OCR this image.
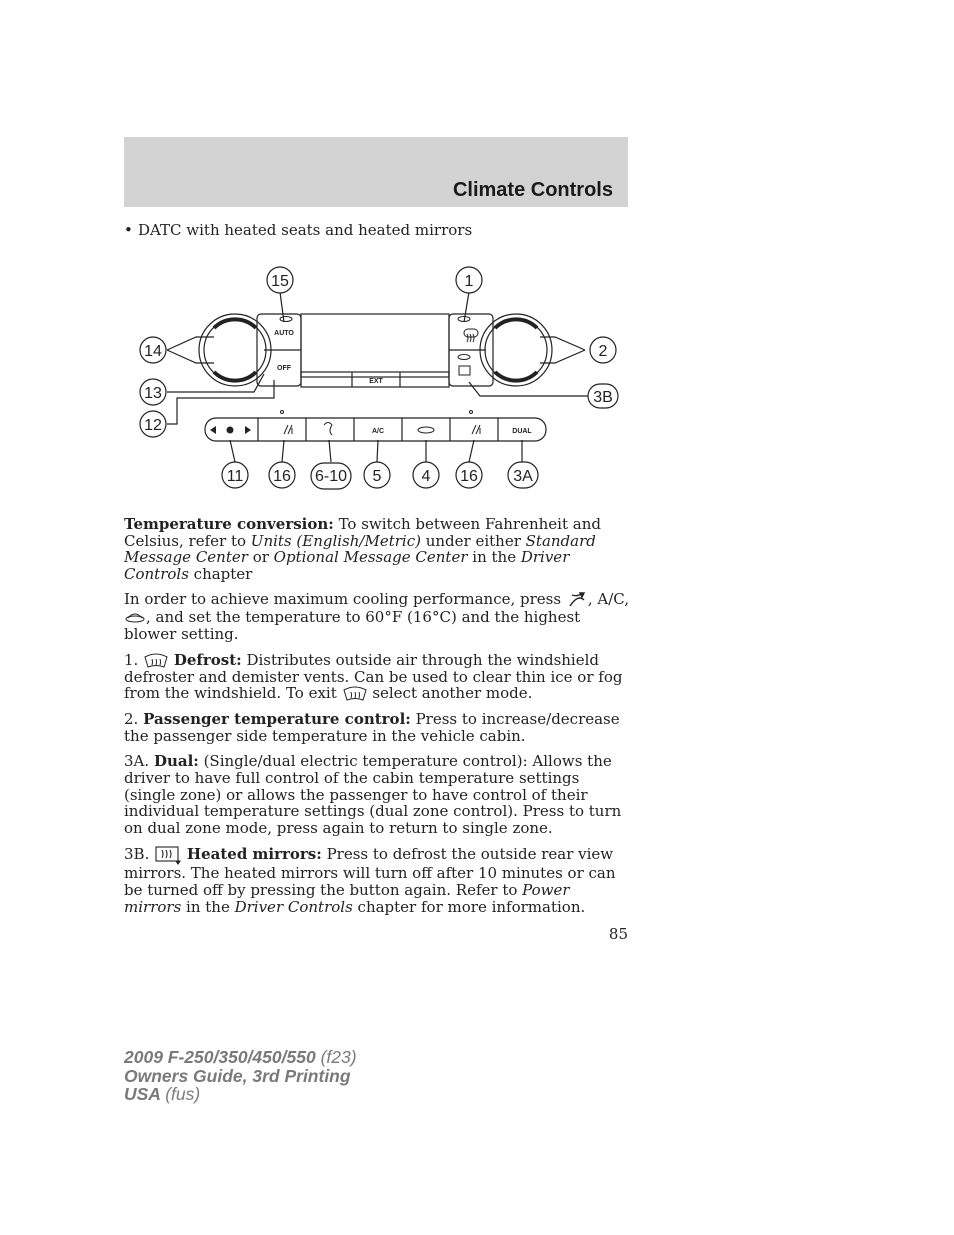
Climate Controls
• DATC with heated seats and heated mirrors
AUTO
OFF
EXT
A/C	DUAL
15	1
14	2
13	3B
12
11 16 6-10 5	4 16 3A

Temperature conversion: To switch between Fahrenheit and Celsius, refer to Units (English/Metric) under either Standard Message Center or Optional Message Center in the Driver Controls chapter

In order to achieve maximum cooling performance, press , A/C, , and set the temperature to 60°F (16°C) and the highest blower setting.

1. Defrost: Distributes outside air through the windshield defroster and demister vents. Can be used to clear thin ice or fog from the windshield. To exit select another mode.

2. Passenger temperature control: Press to increase/decrease the passenger side temperature in the vehicle cabin.

3A. Dual: (Single/dual electric temperature control): Allows the driver to have full control of the cabin temperature settings (single zone) or allows the passenger to have control of their individual temperature settings (dual zone control). Press to turn on dual zone mode, press again to return to single zone.

3B.	Heated mirrors: Press to defrost the outside rear view mirrors. The heated mirrors will turn off after 10 minutes or can be turned off by pressing the button again. Refer to Power mirrors in the Driver Controls chapter for more information.

85
2009 F-250/350/450/550 (f23)
Owners Guide, 3rd Printing
USA (fus)
